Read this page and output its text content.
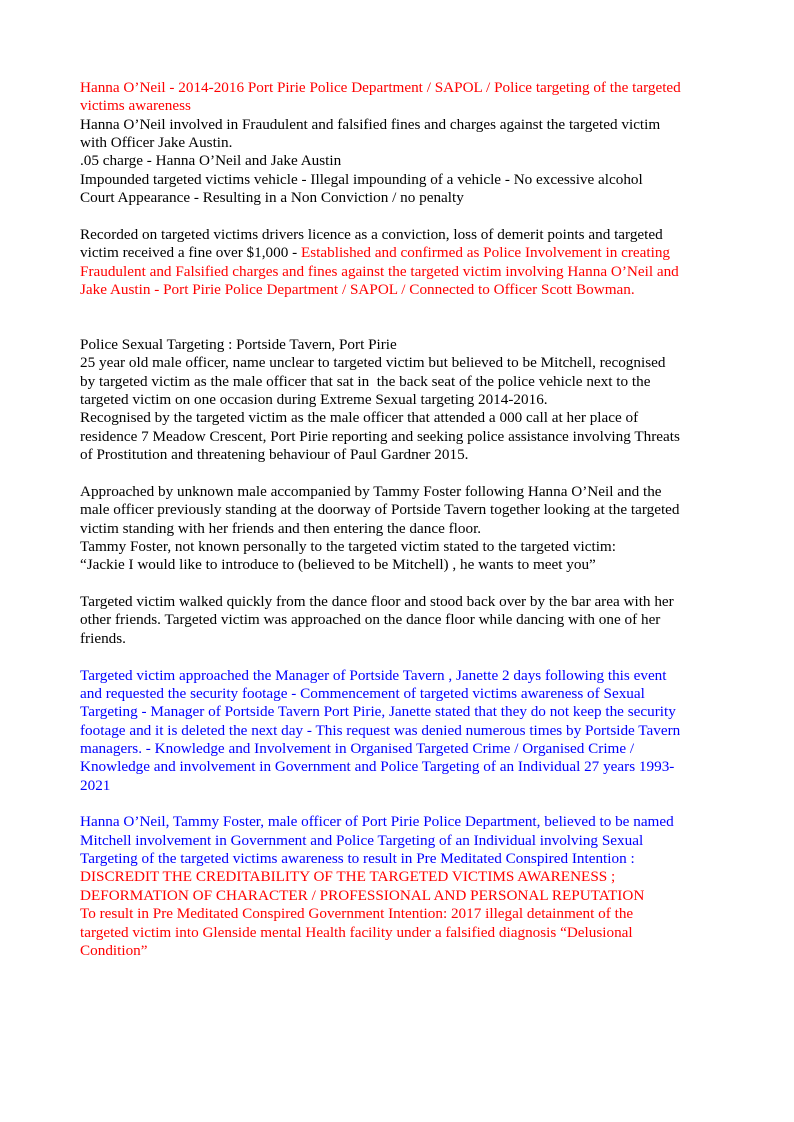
Hanna O’Neil - 2014-2016 Port Pirie Police Department / SAPOL / Police targeting of the targeted
victims awareness
Hanna O’Neil involved in Fraudulent and falsified fines and charges against the targeted victim
with Officer Jake Austin.
.05 charge - Hanna O’Neil and Jake Austin
Impounded targeted victims vehicle - Illegal impounding of a vehicle - No excessive alcohol
Court Appearance - Resulting in a Non Conviction / no penalty
Recorded on targeted victims drivers licence as a conviction, loss of demerit points and targeted
victim received a fine over $1,000 - Established and confirmed as Police Involvement in creating
Fraudulent and Falsified charges and fines against the targeted victim involving Hanna O’Neil and
Jake Austin - Port Pirie Police Department / SAPOL / Connected to Officer Scott Bowman.
Police Sexual Targeting : Portside Tavern, Port Pirie
25 year old male officer, name unclear to targeted victim but believed to be Mitchell, recognised
by targeted victim as the male officer that sat in  the back seat of the police vehicle next to the
targeted victim on one occasion during Extreme Sexual targeting 2014-2016.
Recognised by the targeted victim as the male officer that attended a 000 call at her place of
residence 7 Meadow Crescent, Port Pirie reporting and seeking police assistance involving Threats
of Prostitution and threatening behaviour of Paul Gardner 2015.
Approached by unknown male accompanied by Tammy Foster following Hanna O’Neil and the
male officer previously standing at the doorway of Portside Tavern together looking at the targeted
victim standing with her friends and then entering the dance floor.
Tammy Foster, not known personally to the targeted victim stated to the targeted victim:
“Jackie I would like to introduce to (believed to be Mitchell) , he wants to meet you”
Targeted victim walked quickly from the dance floor and stood back over by the bar area with her
other friends. Targeted victim was approached on the dance floor while dancing with one of her
friends.
Targeted victim approached the Manager of Portside Tavern , Janette 2 days following this event
and requested the security footage - Commencement of targeted victims awareness of Sexual
Targeting - Manager of Portside Tavern Port Pirie, Janette stated that they do not keep the security
footage and it is deleted the next day - This request was denied numerous times by Portside Tavern
managers. - Knowledge and Involvement in Organised Targeted Crime / Organised Crime /
Knowledge and involvement in Government and Police Targeting of an Individual 27 years 1993-
2021
Hanna O’Neil, Tammy Foster, male officer of Port Pirie Police Department, believed to be named
Mitchell involvement in Government and Police Targeting of an Individual involving Sexual
Targeting of the targeted victims awareness to result in Pre Meditated Conspired Intention :
DISCREDIT THE CREDITABILITY OF THE TARGETED VICTIMS AWARENESS ;
DEFORMATION OF CHARACTER / PROFESSIONAL AND PERSONAL REPUTATION
To result in Pre Meditated Conspired Government Intention: 2017 illegal detainment of the
targeted victim into Glenside mental Health facility under a falsified diagnosis “Delusional
Condition”
